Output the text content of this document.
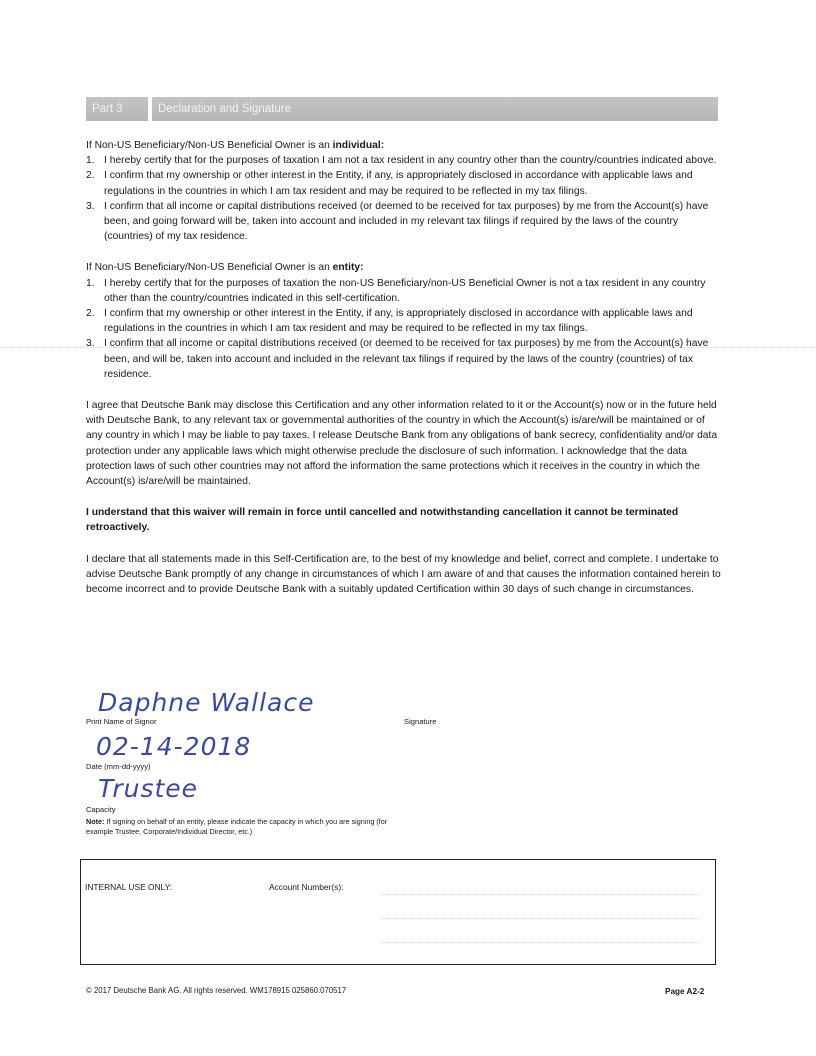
Part 3	Declaration and Signature

If Non-US Beneficiary/Non-US Beneficial Owner is an individual:

1. I hereby certify that for the purposes of taxation I am not a tax resident in any country other than the country/countries indicated above.
2. I confirm that my ownership or other interest in the Entity, if any, is appropriately disclosed in accordance with applicable laws and regulations in the countries in which I am tax resident and may be required to be reflected in my tax filings.
3. I confirm that all income or capital distributions received (or deemed to be received for tax purposes) by me from the Account(s) have been, and going forward will be, taken into account and included in my relevant tax filings if required by the laws of the country (countries) of my tax residence.

If Non-US Beneficiary/Non-US Beneficial Owner is an entity:

1. I hereby certify that for the purposes of taxation the non-US Beneficiary/non-US Beneficial Owner is not a tax resident in any country other than the country/countries indicated in this self-certification.
2. I confirm that my ownership or other interest in the Entity, if any, is appropriately disclosed in accordance with applicable laws and regulations in the countries in which I am tax resident and may be required to be reflected in my tax filings.
3. I confirm that all income or capital distributions received (or deemed to be received for tax purposes) by me from the Account(s) have been, and will be, taken into account and included in the relevant tax filings if required by the laws of the country (countries) of tax residence.

I agree that Deutsche Bank may disclose this Certification and any other information related to it or the Account(s) now or in the future held with Deutsche Bank, to any relevant tax or governmental authorities of the country in which the Account(s) is/are/will be maintained or of any country in which I may be liable to pay taxes. I release Deutsche Bank from any obligations of bank secrecy, confidentiality and/or data protection under any applicable laws which might otherwise preclude the disclosure of such information. I acknowledge that the data protection laws of such other countries may not afford the information the same protections which it receives in the country in which the Account(s) is/are/will be maintained.

I understand that this waiver will remain in force until cancelled and notwithstanding cancellation it cannot be terminated retroactively.

I declare that all statements made in this Self-Certification are, to the best of my knowledge and belief, correct and complete. I undertake to advise Deutsche Bank promptly of any change in circumstances of which I am aware of and that causes the information contained herein to become incorrect and to provide Deutsche Bank with a suitably updated Certification within 30 days of such change in circumstances.

Daphne Wallace
Print Name of Signor	Signature
02-14-2018
Date (mm-dd-yyyy)
Trustee
Capacity
Note: If signing on behalf of an entity, please indicate the capacity in which you are signing (for example Trustee, Corporate/Individual Director, etc.)
INTERNAL USE ONLY:	Account Number(s):
© 2017 Deutsche Bank AG. All rights reserved. WM178915 025860.070517	Page A2-2
